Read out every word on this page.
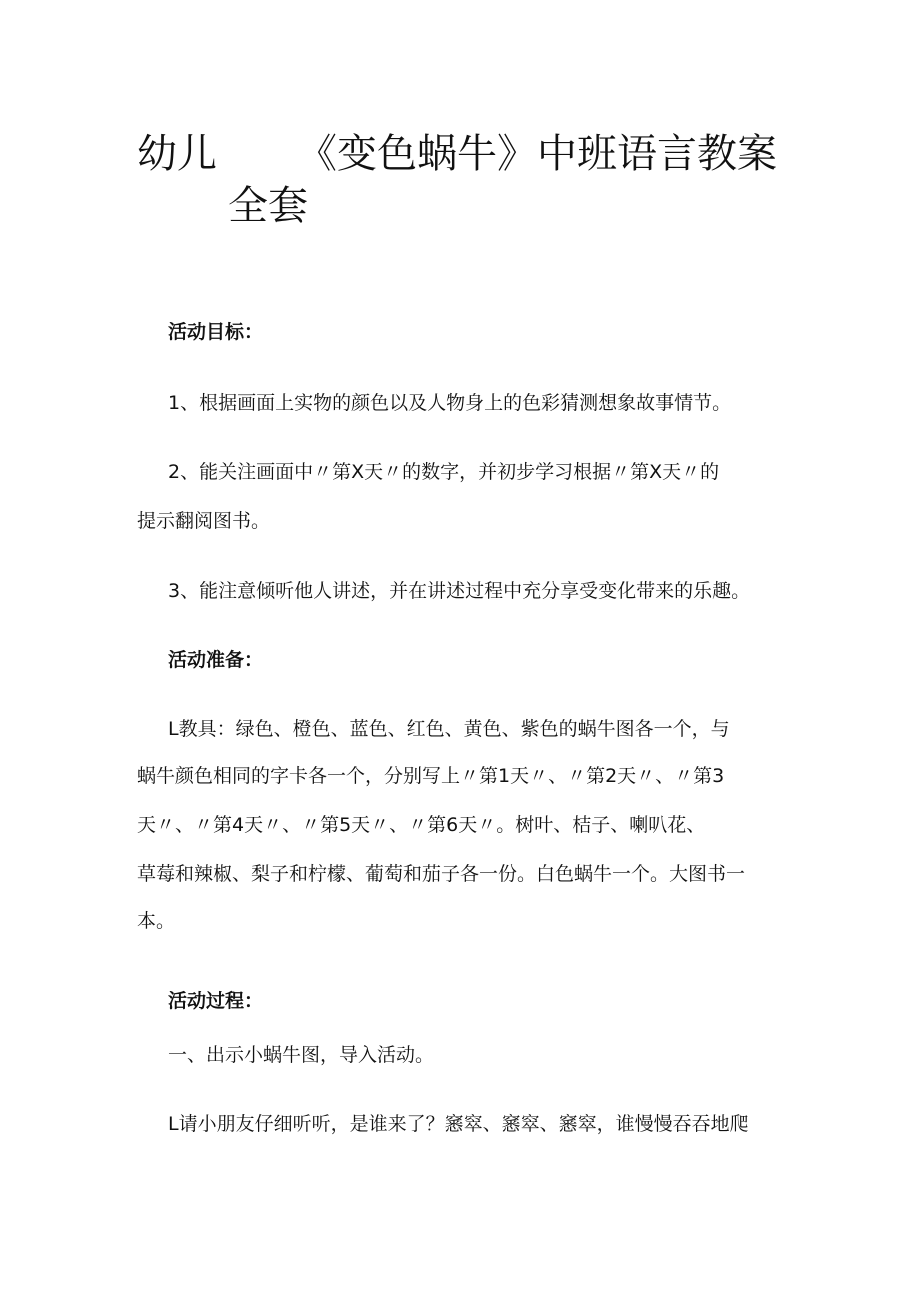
幼儿 《变色蜗牛》中班语言教案
全套
活动目标：
1、根据画面上实物的颜色以及人物身上的色彩猜测想象故事情节。
2、能关注画面中〃第X天〃的数字，并初步学习根据〃第X天〃的
提示翻阅图书。
3、能注意倾听他人讲述，并在讲述过程中充分享受变化带来的乐趣。
活动准备：
L教具：绿色、橙色、蓝色、红色、黄色、紫色的蜗牛图各一个，与
蜗牛颜色相同的字卡各一个，分别写上〃第1天〃、〃第2天〃、〃第3
天〃、〃第4天〃、〃第5天〃、〃第6天〃。树叶、桔子、喇叭花、
草莓和辣椒、梨子和柠檬、葡萄和茄子各一份。白色蜗牛一个。大图书一
本。
活动过程：
一、出示小蜗牛图，导入活动。
L请小朋友仔细听听，是谁来了？窸窣、窸窣、窸窣，谁慢慢吞吞地爬
